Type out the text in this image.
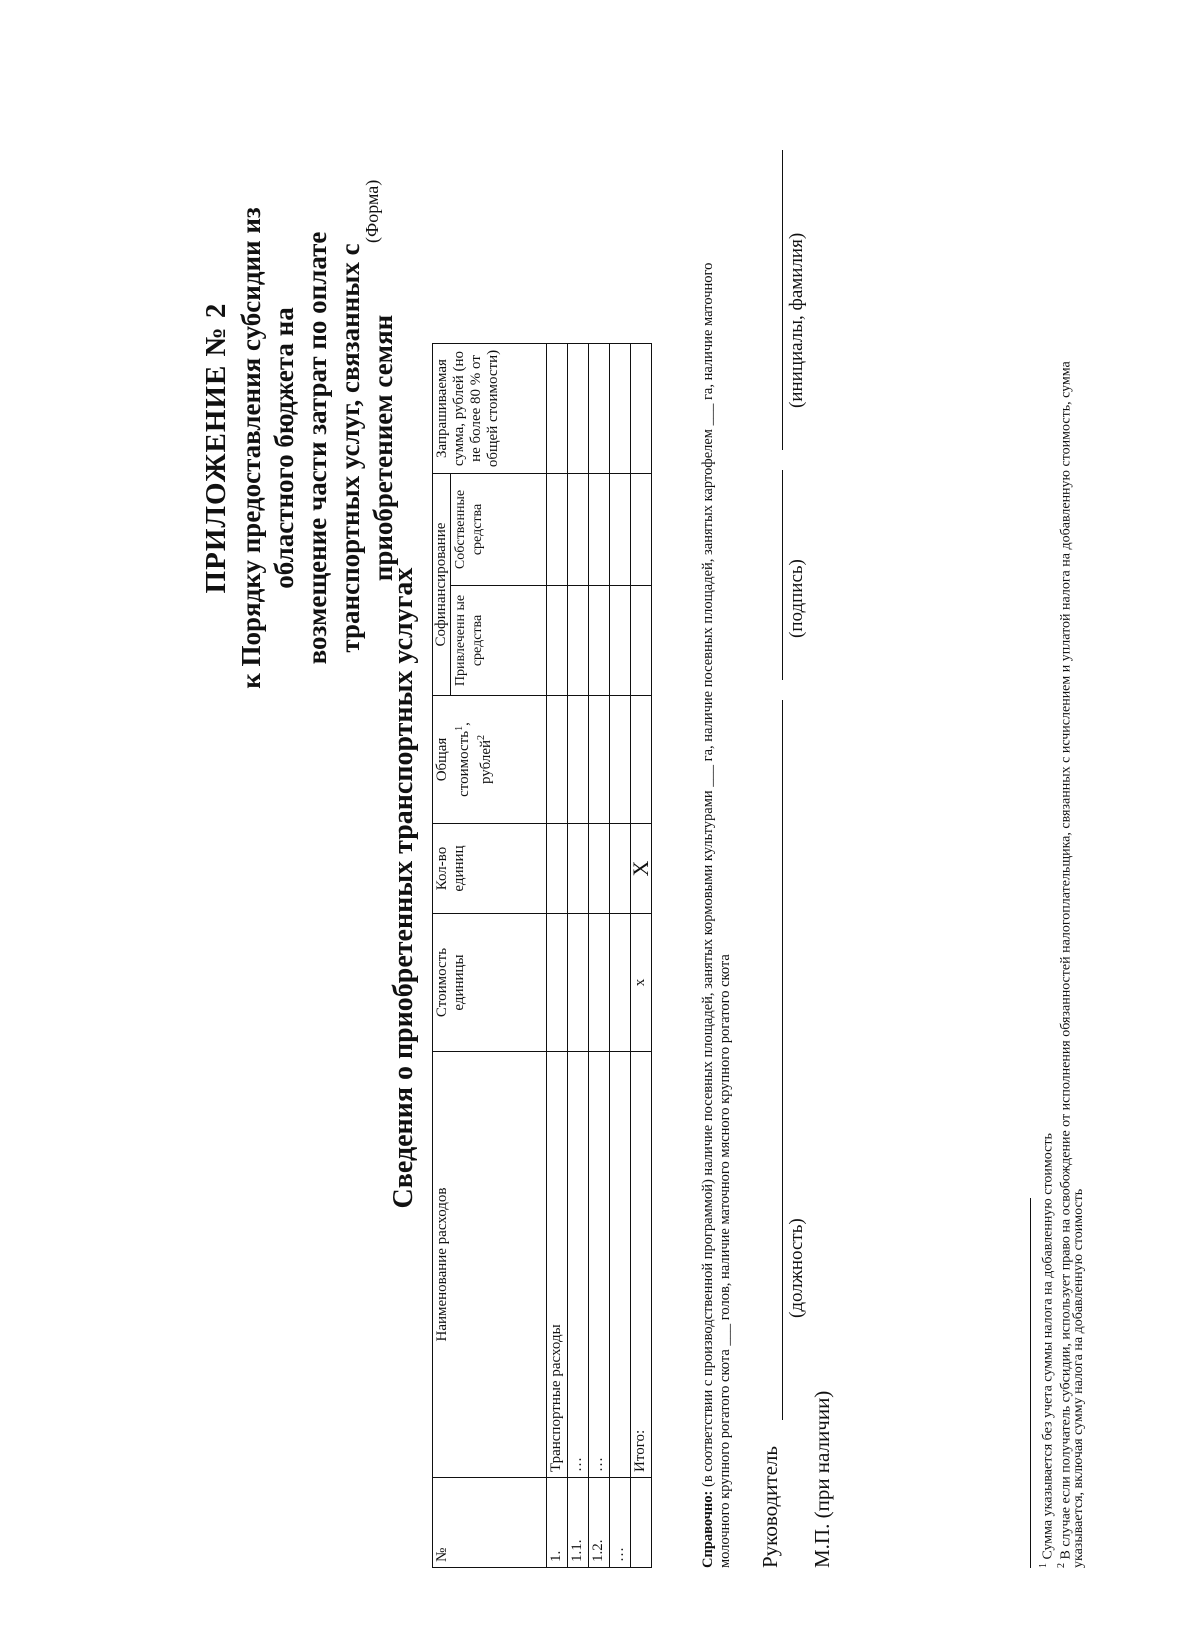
ПРИЛОЖЕНИЕ № 2 к Порядку предоставления субсидии из областного бюджета на возмещение части затрат по оплате транспортных услуг, связанных с приобретением семян
(Форма)
Сведения о приобретенных транспортных услугах
№	Наименование расходов	Стоимость единицы	Кол-во единиц	Общая стоимость$^1$, рублей$^2$	Софинансирование		Запрашиваемая сумма, рублей (но не более 80 % от общей стоимости)
					Привлеченн ые средства	Собственные средства	
1.	Транспортные расходы						
1.1.	…						
1.2.	…						
…							
	Итого:	х	Х				
Справочно: (в соответствии с производственной программой) наличие посевных площадей, занятых кормовыми культурами ___ га, наличие посевных площадей, занятых картофелем ___ га, наличие маточного молочного крупного рогатого скота ___ голов, наличие маточного мясного крупного рогатого скота Руководитель
(должность)
(подпись)
(инициалы, фамилия)
М.П. (при наличии)	$^1$ Сумма указывается без учета суммы налога на добавленную стоимость
$^2$ В случае если получатель субсидии, использует право на освобождение от исполнения обязанностей налогоплательщика, связанных с исчислением и уплатой налога на добавленную стоимость, сумма
указывается, включая сумму налога на добавленную стоимость
